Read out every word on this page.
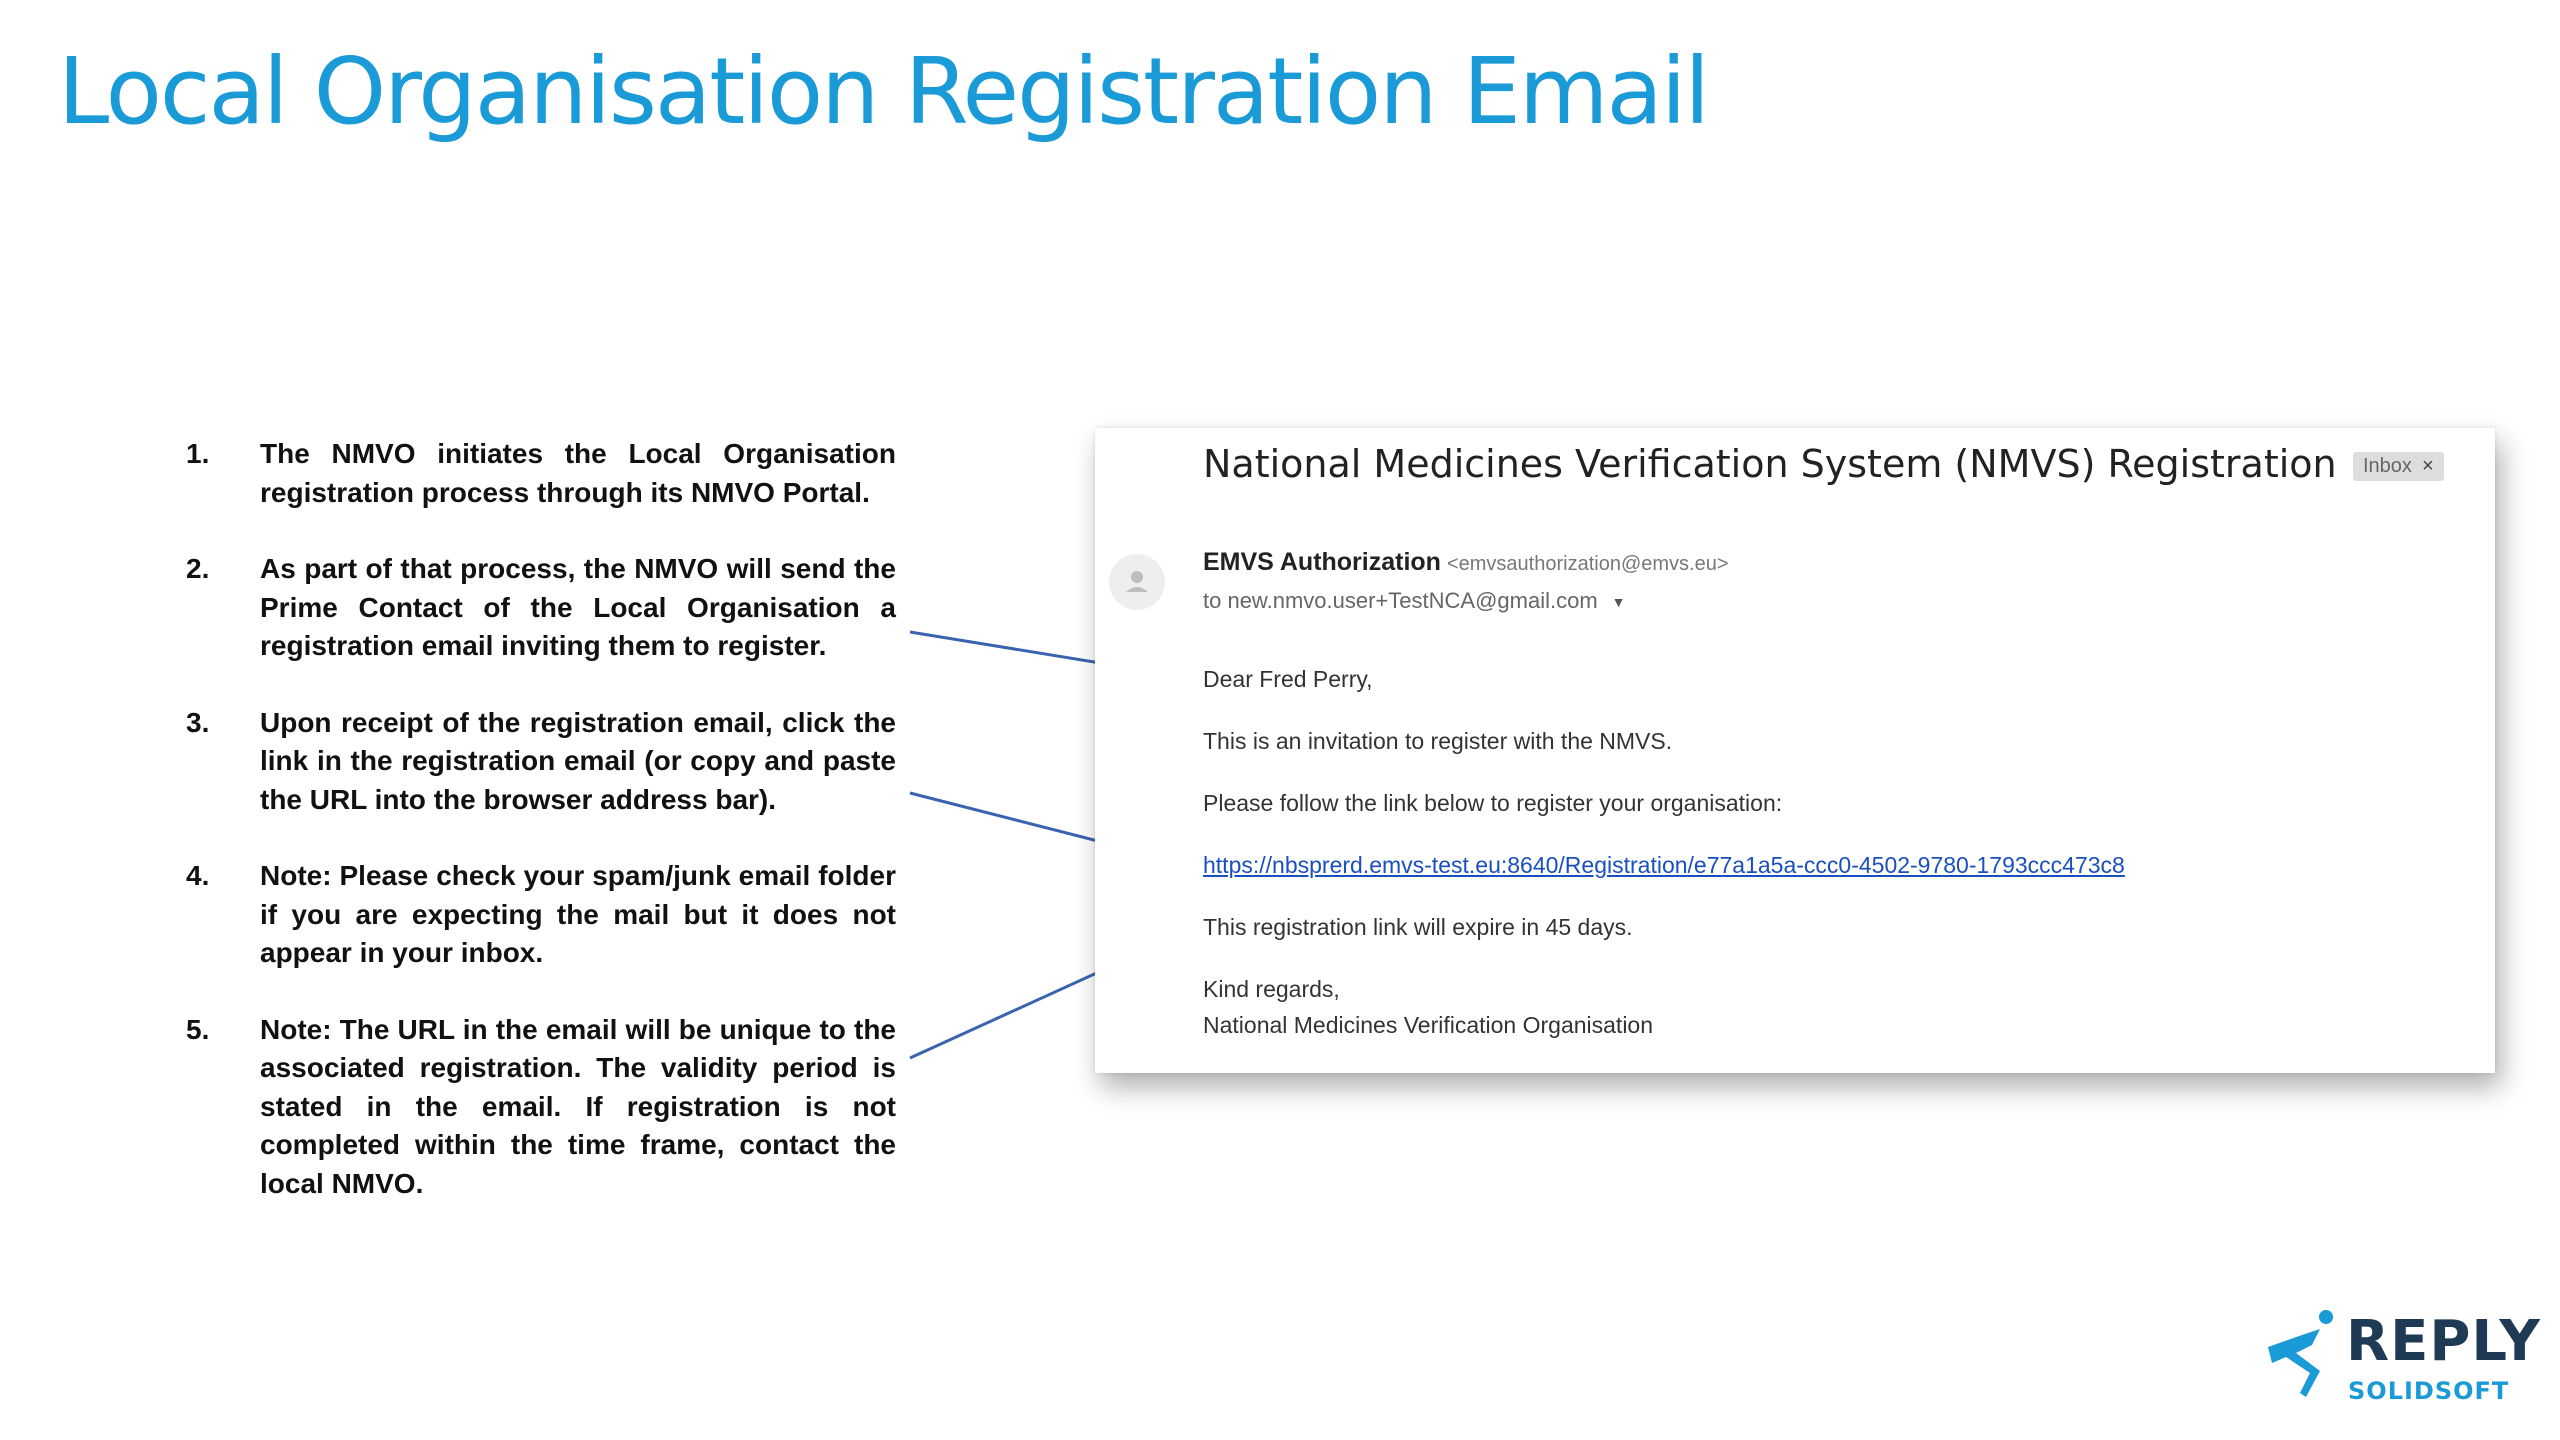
Local Organisation Registration Email
1. The NMVO initiates the Local Organisation registration process through its NMVO Portal.
2. As part of that process, the NMVO will send the Prime Contact of the Local Organisation a registration email inviting them to register.
3. Upon receipt of the registration email, click the link in the registration email (or copy and paste the URL into the browser address bar).
4. Note: Please check your spam/junk email folder if you are expecting the mail but it does not appear in your inbox.
5. Note: The URL in the email will be unique to the associated registration. The validity period is stated in the email. If registration is not completed within the time frame, contact the local NMVO.
National Medicines Verification System (NMVS) Registration	Inbox ×
EMVS Authorization <emvsauthorization@emvs.eu>
to new.nmvo.user+TestNCA@gmail.com ▼
Dear Fred Perry,
This is an invitation to register with the NMVS.
Please follow the link below to register your organisation:
https://nbsprerd.emvs-test.eu:8640/Registration/e77a1a5a-ccc0-4502-9780-1793ccc473c8
This registration link will expire in 45 days.
Kind regards,
National Medicines Verification Organisation
REPLY
SOLIDSOFT
